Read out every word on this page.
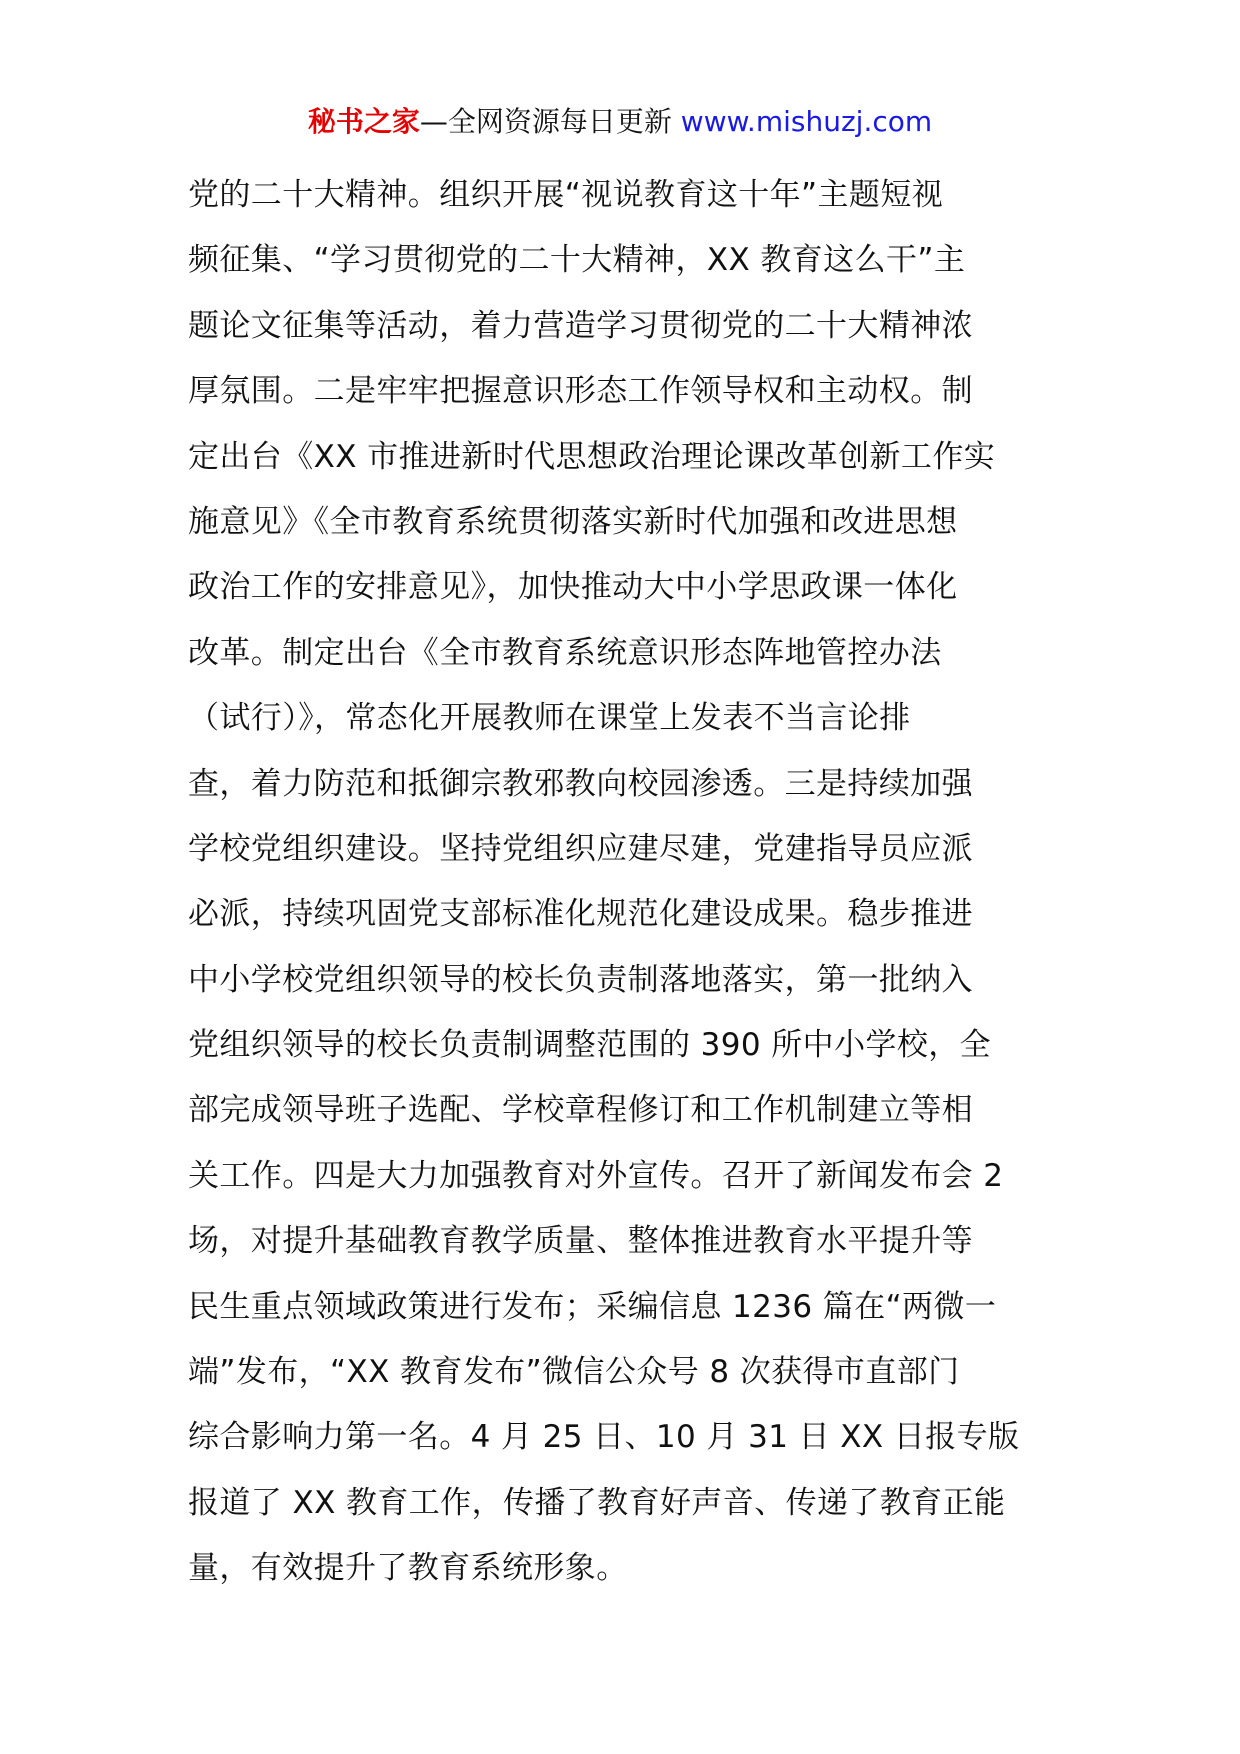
秘书之家—全网资源每日更新 www.mishuzj.com
党的二十大精神。组织开展“视说教育这十年”主题短视
频征集、“学习贯彻党的二十大精神，XX 教育这么干”主
题论文征集等活动，着力营造学习贯彻党的二十大精神浓
厚氛围。二是牢牢把握意识形态工作领导权和主动权。制
定出台《XX 市推进新时代思想政治理论课改革创新工作实
施意见》《全市教育系统贯彻落实新时代加强和改进思想
政治工作的安排意见》，加快推动大中小学思政课一体化
改革。制定出台《全市教育系统意识形态阵地管控办法
（试行）》，常态化开展教师在课堂上发表不当言论排
查，着力防范和抵御宗教邪教向校园渗透。三是持续加强
学校党组织建设。坚持党组织应建尽建，党建指导员应派
必派，持续巩固党支部标准化规范化建设成果。稳步推进
中小学校党组织领导的校长负责制落地落实，第一批纳入
党组织领导的校长负责制调整范围的 390 所中小学校，全
部完成领导班子选配、学校章程修订和工作机制建立等相
关工作。四是大力加强教育对外宣传。召开了新闻发布会 2
场，对提升基础教育教学质量、整体推进教育水平提升等
民生重点领域政策进行发布；采编信息 1236 篇在“两微一
端”发布，“XX 教育发布”微信公众号 8 次获得市直部门
综合影响力第一名。4 月 25 日、10 月 31 日 XX 日报专版
报道了 XX 教育工作，传播了教育好声音、传递了教育正能
量，有效提升了教育系统形象。
